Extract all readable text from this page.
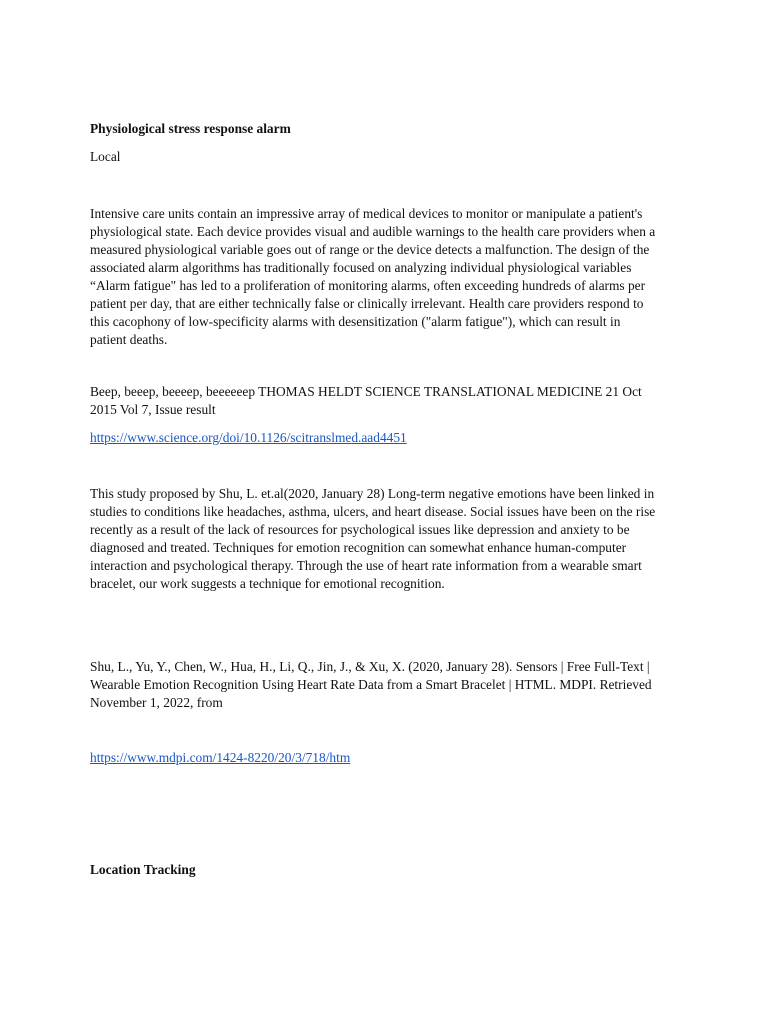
Physiological stress response alarm

Local

Intensive care units contain an impressive array of medical devices to monitor or manipulate a patient's
physiological state. Each device provides visual and audible warnings to the health care providers when a
measured physiological variable goes out of range or the device detects a malfunction. The design of the
associated alarm algorithms has traditionally focused on analyzing individual physiological variables
“Alarm fatigue" has led to a proliferation of monitoring alarms, often exceeding hundreds of alarms per
patient per day, that are either technically false or clinically irrelevant. Health care providers respond to
this cacophony of low-specificity alarms with desensitization ("alarm fatigue"), which can result in
patient deaths.

Beep, beeep, beeeep, beeeeeep THOMAS HELDT SCIENCE TRANSLATIONAL MEDICINE 21 Oct
2015 Vol 7, Issue result

https://www.science.org/doi/10.1126/scitranslmed.aad4451

This study proposed by Shu, L. et.al(2020, January 28) Long-term negative emotions have been linked in
studies to conditions like headaches, asthma, ulcers, and heart disease. Social issues have been on the rise
recently as a result of the lack of resources for psychological issues like depression and anxiety to be
diagnosed and treated. Techniques for emotion recognition can somewhat enhance human-computer
interaction and psychological therapy. Through the use of heart rate information from a wearable smart
bracelet, our work suggests a technique for emotional recognition.

Shu, L., Yu, Y., Chen, W., Hua, H., Li, Q., Jin, J., & Xu, X. (2020, January 28). Sensors | Free Full-Text |
Wearable Emotion Recognition Using Heart Rate Data from a Smart Bracelet | HTML. MDPI. Retrieved
November 1, 2022, from

https://www.mdpi.com/1424-8220/20/3/718/htm

Location Tracking
